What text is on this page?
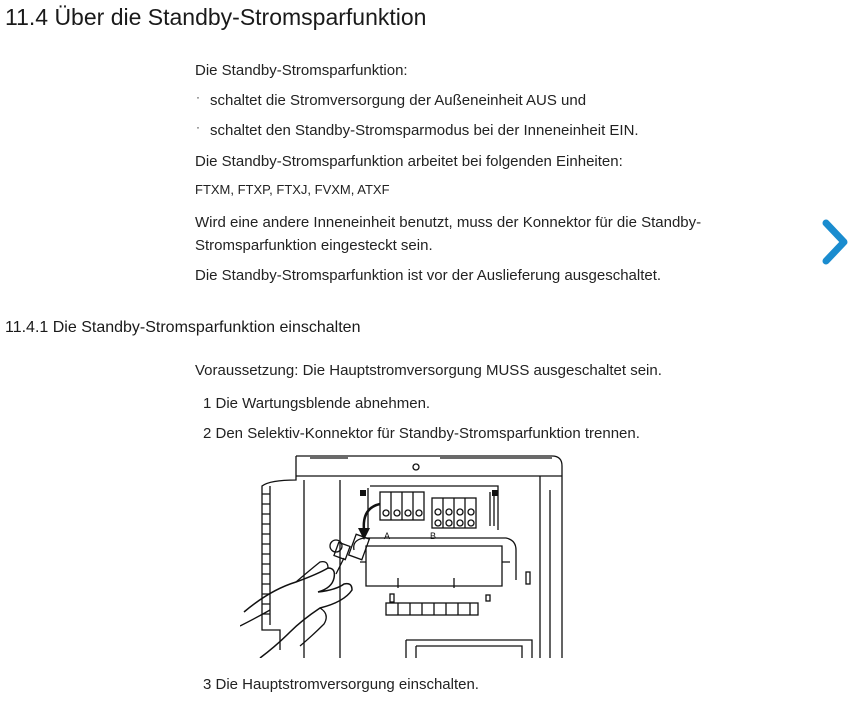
11.4 Über die Standby-Stromsparfunktion
Die Standby-Stromsparfunktion:
· schaltet die Stromversorgung der Außeneinheit AUS und
· schaltet den Standby-Stromsparmodus bei der Inneneinheit EIN.
Die Standby-Stromsparfunktion arbeitet bei folgenden Einheiten:
FTXM, FTXP, FTXJ, FVXM, ATXF
Wird eine andere Inneneinheit benutzt, muss der Konnektor für die Standby-
Stromsparfunktion eingesteckt sein.
Die Standby-Stromsparfunktion ist vor der Auslieferung ausgeschaltet.
11.4.1 Die Standby-Stromsparfunktion einschalten
Voraussetzung: Die Hauptstromversorgung MUSS ausgeschaltet sein.
1 Die Wartungsblende abnehmen.
2 Den Selektiv-Konnektor für Standby-Stromsparfunktion trennen.
A	B
3 Die Hauptstromversorgung einschalten.
